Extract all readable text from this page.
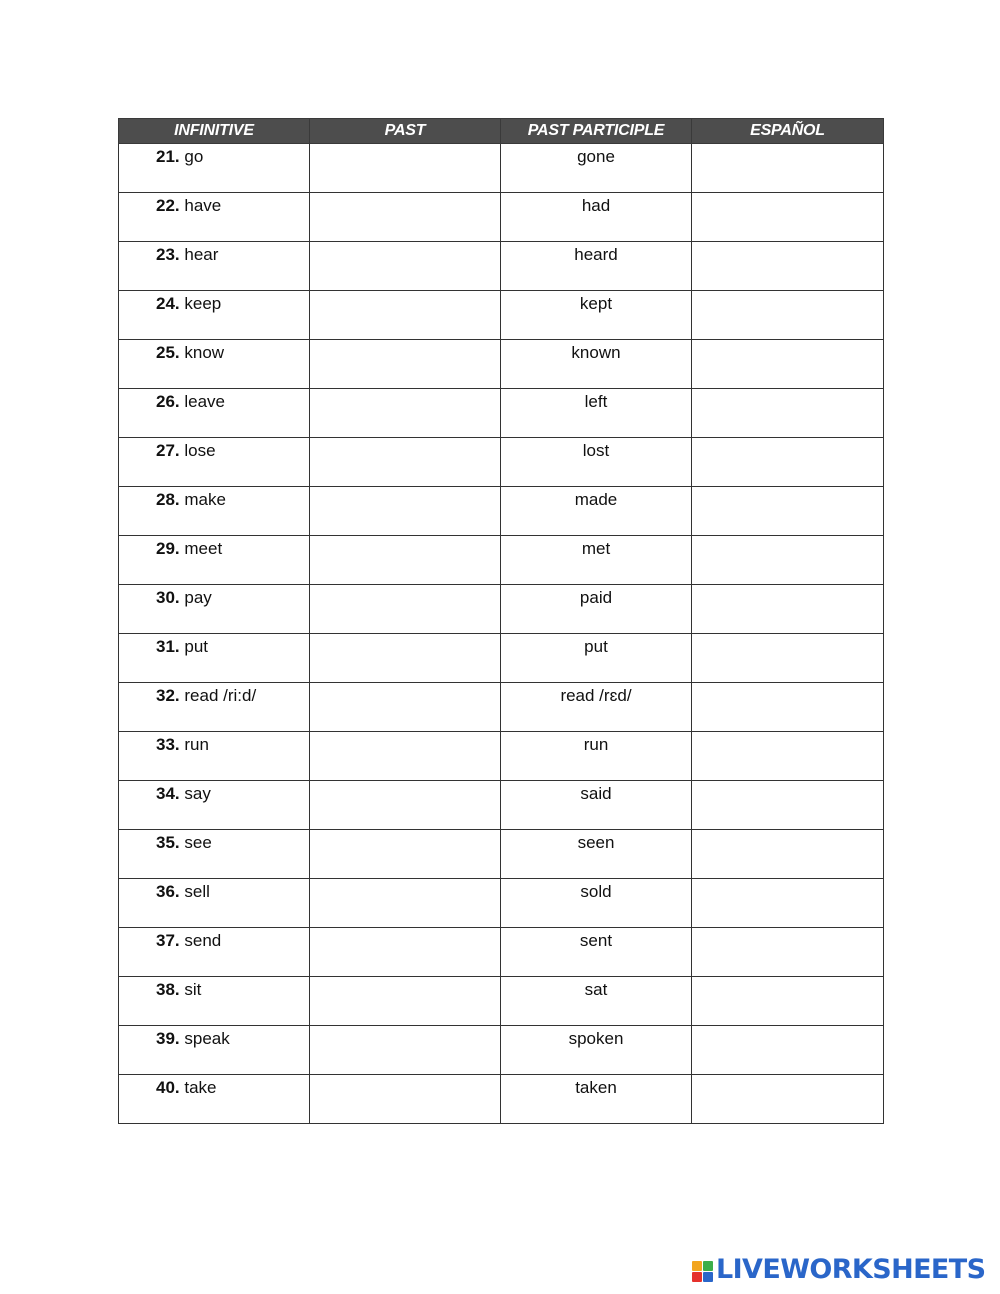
INFINITIVE	PAST	PAST PARTICIPLE	ESPAÑOL

21. go		gone	

22. have		had	

23. hear		heard	

24. keep		kept	

25. know		known	

26. leave		left	

27. lose		lost	

28. make		made	

29. meet		met	

30. pay		paid	

31. put		put	

32. read /ri:d/		read /rɛd/	

33. run		run	

34. say		said	

35. see		seen	

36. sell		sold	

37. send		sent	

38. sit		sat	

39. speak		spoken	

40. take		taken	

LIVEWORKSHEETS
